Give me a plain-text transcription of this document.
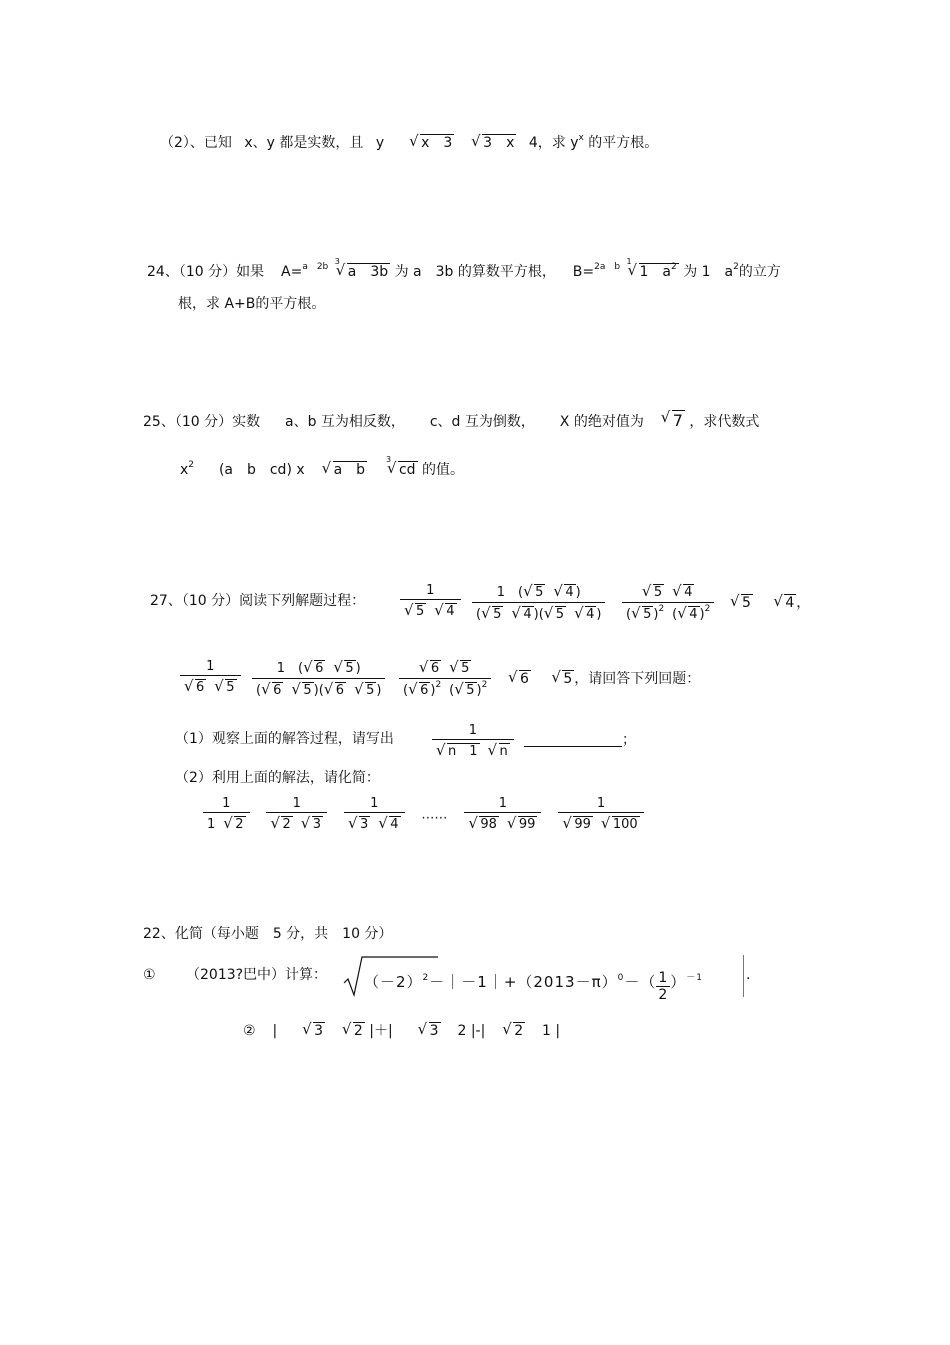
（2）、已知 x、y 都是实数，且 y	√ x　3 √ 3　x 4，求 $y^x$ 的平方根。
24、（10 分）如果 A=$^{a 2b}$
√ 3
a　3b 为 a　3b 的算数平方根， B=$^{2a b}$
√ 1
1　$a^2$ 为 1　$a^2$的立方
根，求 A+B的平方根。
25、（10 分）实数 a、b 互为相反数， c、d 互为倒数， X 的绝对值为 √ 7 ，求代数式
$x^2$ (a　b　cd) x √ a　b
√ 3
cd 的值。
27、（10 分）阅读下列解题过程：	1
√ 5 √ $4 \frac{1 ( √ 5 √ 4 )}{( √ 5 √ 4 )( √ 5 √ 4 )}$ √ $\frac{5 √ 4}{( √ 5 )^2 ( √ 4 )^2}$	√ 5 √ 4 ，
1
√ 6 √ $5 \frac{1 ( √ 6 √ 5 )}{( √ 6 √ 5 )( √ 6 √ 5 )}$ √ $\frac{6 √ 5}{( √ 6 )^2 ( √ 5 )^2}$	√ 6 √ 5 ，请回答下列回题：
（1）观察上面的解答过程，请写出	1
√ n　1 √ n	；
（2）利用上面的解法，请化简：
$\frac{1}{1 √ 2}$
1
√ 2 √ 3
1
√ 3 √ 4 …… 1
√ 98 √ 99
1
√ 99 √ 100
22、化简（每小题　5 分，共　10 分）
① （2013?巴中）计算： $(-2)^2-|-1|+(2013-\pi)^0-( \frac{1}{2} )^{-1}$	.
② |	√ 3 √ 2 |＋|	√ 3 2 |-| √ 2 1 |
